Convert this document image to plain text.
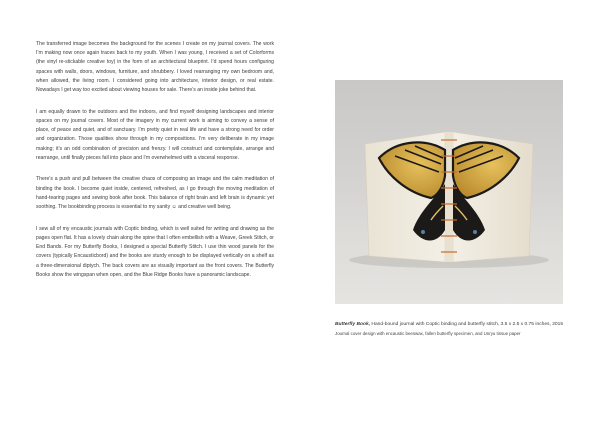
The transferred image becomes the background for the scenes I create on my journal covers. The work I’m making now once again traces back to my youth. When I was young, I received a set of Colorforms (the vinyl re-stickable creative toy) in the form of an architectural blueprint. I’d spend hours configuring spaces with walls, doors, windows, furniture, and shrubbery. I loved rearranging my own bedroom and, when allowed, the living room. I considered going into architecture, interior design, or real estate. Nowadays I get way too excited about viewing houses for sale. There’s an inside joke behind that.

I am equally drawn to the outdoors and the indoors, and find myself designing landscapes and interior spaces on my journal covers. Most of the imagery in my current work is aiming to convey a sense of place, of peace and quiet, and of sanctuary. I’m pretty quiet in real life and have a strong need for order and organization. Those qualities show through in my compositions. I’m very deliberate in my image making; it’s an odd combination of precision and frenzy. I will construct and contemplate, arrange and rearrange, until finally pieces fall into place and I’m overwhelmed with a visceral response.

There’s a push and pull between the creative chaos of composing an image and the calm meditation of binding the book. I become quiet inside, centered, refreshed, as I go through the moving meditation of hand-tearing pages and sewing book after book. This balance of right brain and left brain is dynamic yet soothing. The bookbinding process is essential to my sanity ☺ and creative well being.

I sew all of my encaustic journals with Coptic binding, which is well suited for writing and drawing as the pages open flat. It has a lovely chain along the spine that I often embellish with a Weave, Greek Stitch, or End Bands. For my Butterfly Books, I designed a special Butterfly Stitch. I use thin wood panels for the covers (typically Encausticbord) and the books are sturdy enough to be displayed vertically on a shelf as a three-dimensional diptych. The back covers are as visually important as the front covers. The Butterfly Books show the wingspan when open, and the Blue Ridge Books have a panoramic landscape.

Butterfly Book, Hand-bound journal with Coptic binding and butterfly stitch, 3.5 x 2.5 x 0.75 inches, 2015

Journal cover design with encaustic beeswax, fallen butterfly specimen, and Unryu tissue paper
